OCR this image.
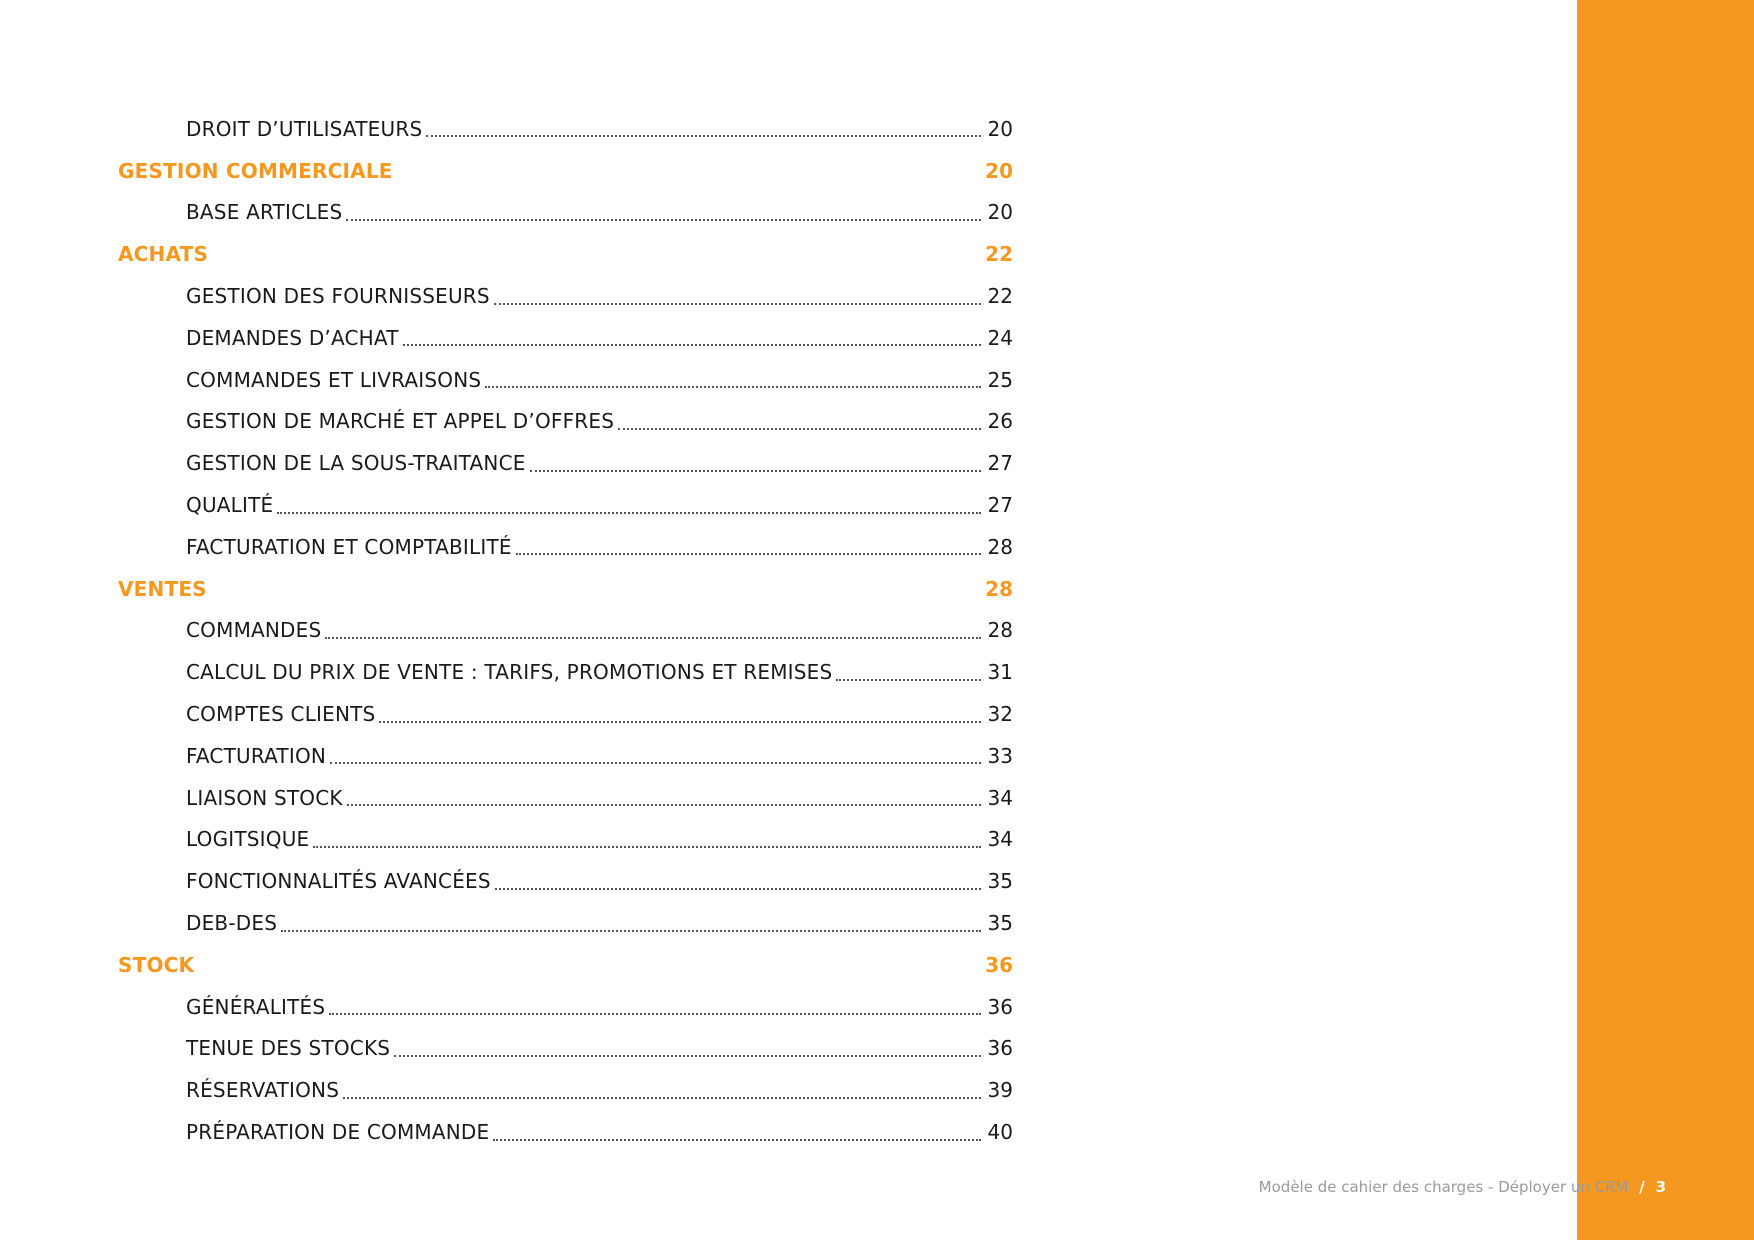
DROIT D’UTILISATEURS	20
GESTION COMMERCIALE	20
BASE ARTICLES	20
ACHATS	22
GESTION DES FOURNISSEURS	22
DEMANDES D’ACHAT	24
COMMANDES ET LIVRAISONS	25
GESTION DE MARCHÉ ET APPEL D’OFFRES	26
GESTION DE LA SOUS-TRAITANCE	27
QUALITÉ	27
FACTURATION ET COMPTABILITÉ	28
VENTES	28
COMMANDES	28
CALCUL DU PRIX DE VENTE : TARIFS, PROMOTIONS ET REMISES	31
COMPTES CLIENTS	32
FACTURATION	33
LIAISON STOCK	34
LOGITSIQUE	34
FONCTIONNALITÉS AVANCÉES	35
DEB-DES	35
STOCK	36
GÉNÉRALITÉS	36
TENUE DES STOCKS	36
RÉSERVATIONS	39
PRÉPARATION DE COMMANDE	40
Modèle de cahier des charges - Déployer un CRM / 3
